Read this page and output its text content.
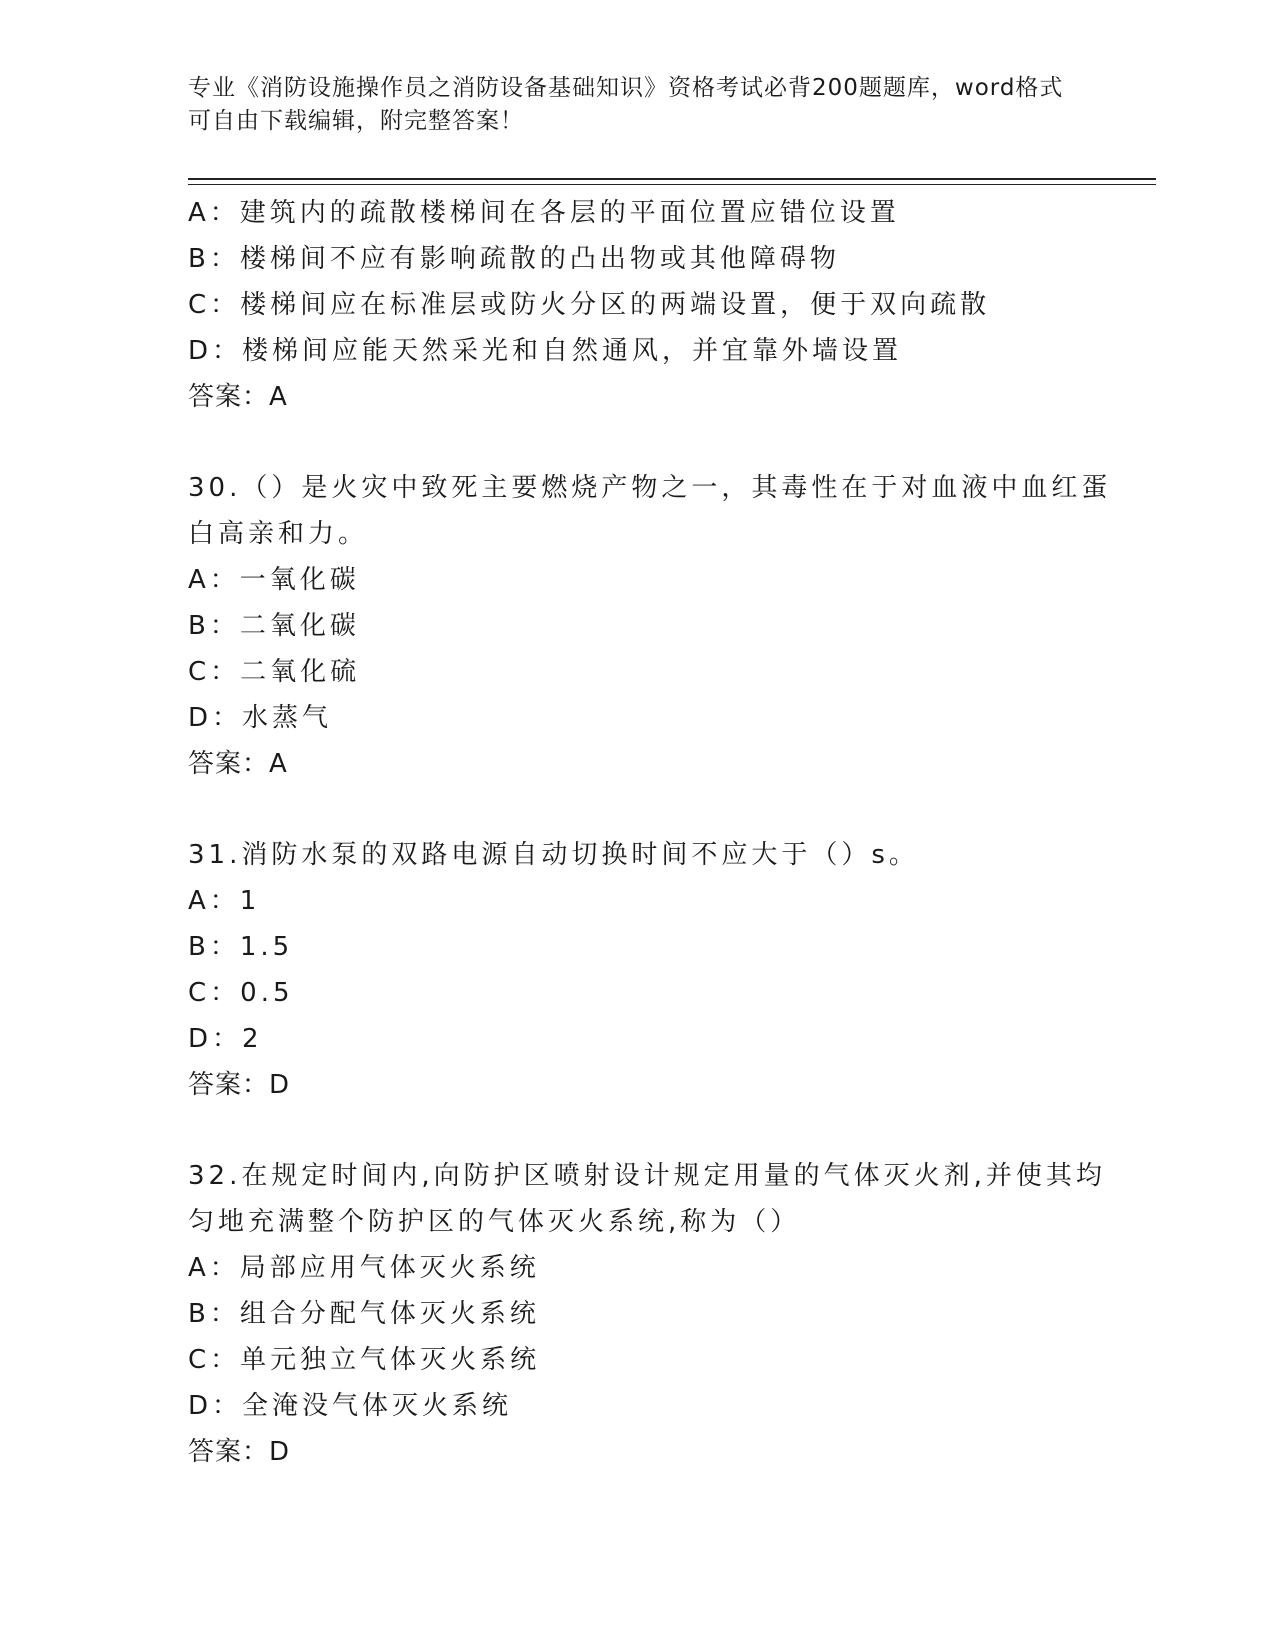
专业《消防设施操作员之消防设备基础知识》资格考试必背200题题库，word格式可自由下载编辑，附完整答案！
A：建筑内的疏散楼梯间在各层的平面位置应错位设置
B：楼梯间不应有影响疏散的凸出物或其他障碍物
C：楼梯间应在标准层或防火分区的两端设置，便于双向疏散
D：楼梯间应能天然采光和自然通风，并宜靠外墙设置
答案：A
30.（）是火灾中致死主要燃烧产物之一，其毒性在于对血液中血红蛋
白高亲和力。
A：一氧化碳
B：二氧化碳
C：二氧化硫
D：水蒸气
答案：A
31.消防水泵的双路电源自动切换时间不应大于（）s。
A：1
B：1.5
C：0.5
D：2
答案：D
32.在规定时间内,向防护区喷射设计规定用量的气体灭火剂,并使其均
匀地充满整个防护区的气体灭火系统,称为（）
A：局部应用气体灭火系统
B：组合分配气体灭火系统
C：单元独立气体灭火系统
D：全淹没气体灭火系统
答案：D
